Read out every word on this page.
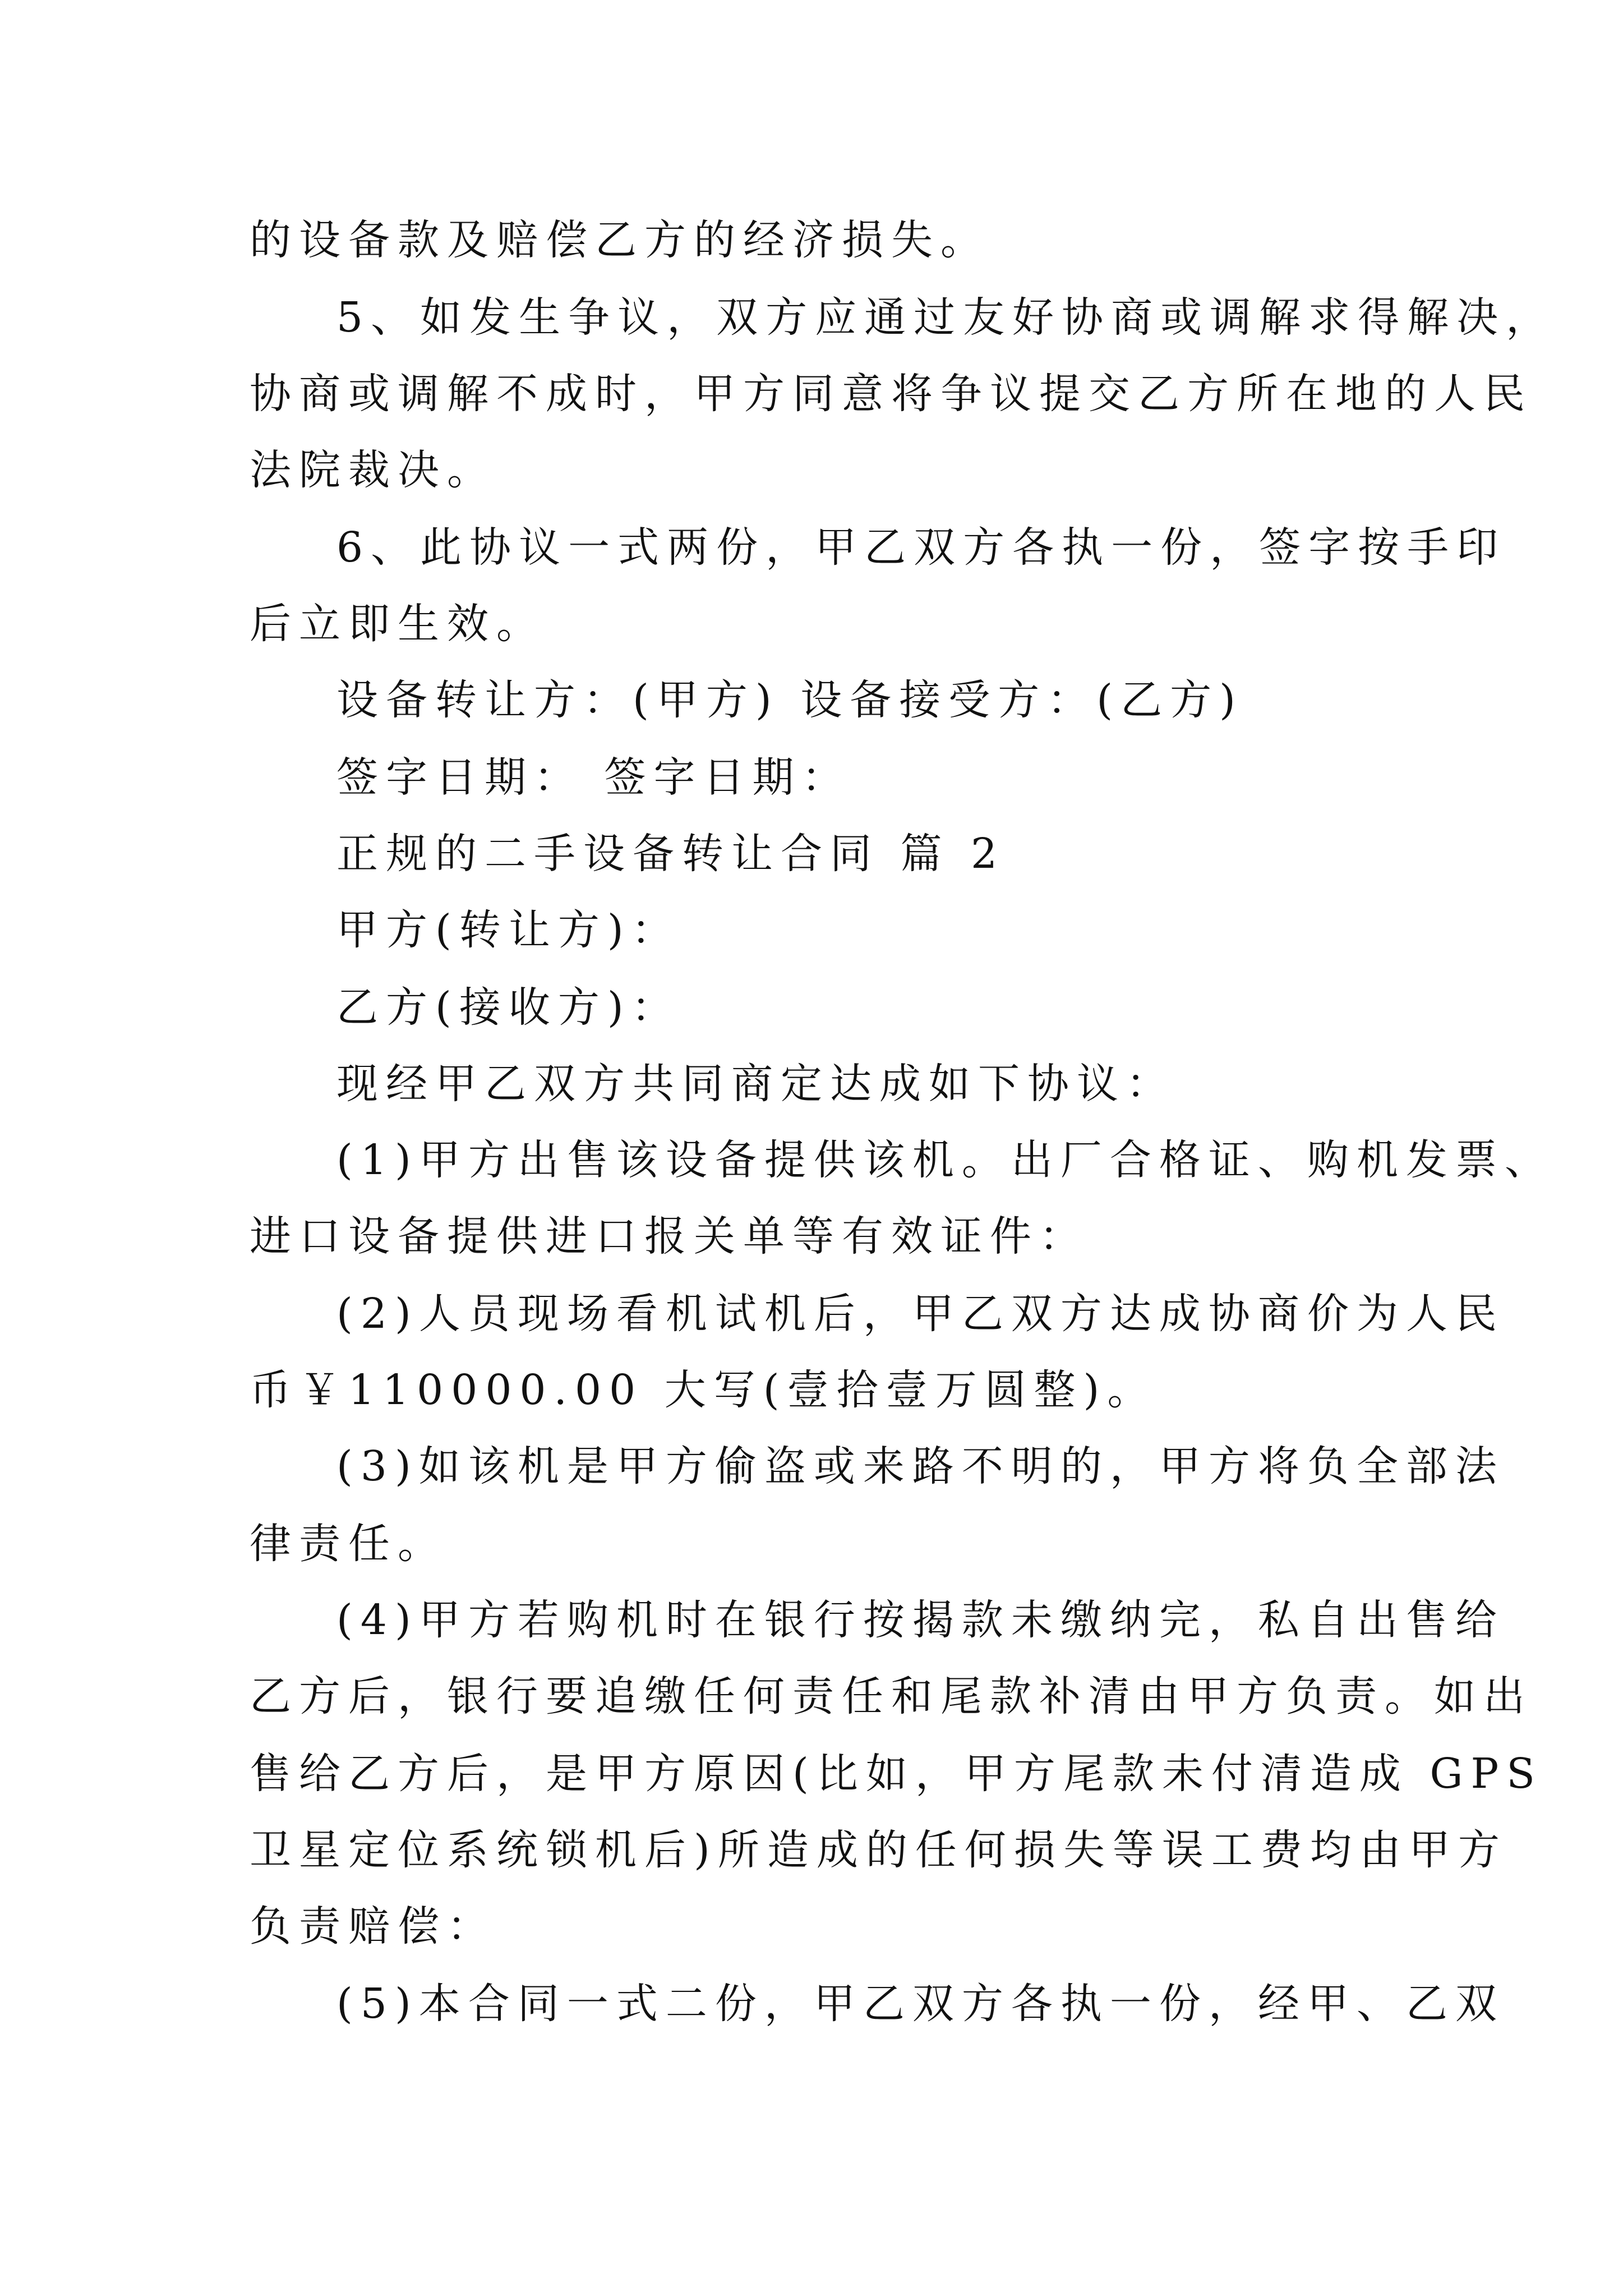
的设备款及赔偿乙方的经济损失。
5、如发生争议，双方应通过友好协商或调解求得解决，
协商或调解不成时，甲方同意将争议提交乙方所在地的人民
法院裁决。
6、此协议一式两份，甲乙双方各执一份，签字按手印
后立即生效。
设备转让方：(甲方) 设备接受方：(乙方)
签字日期： 签字日期：
正规的二手设备转让合同 篇 2
甲方(转让方)：
乙方(接收方)：
现经甲乙双方共同商定达成如下协议：
(1)甲方出售该设备提供该机。出厂合格证、购机发票、
进口设备提供进口报关单等有效证件：
(2)人员现场看机试机后，甲乙双方达成协商价为人民
币￥110000.00 大写(壹拾壹万圆整)。
(3)如该机是甲方偷盗或来路不明的，甲方将负全部法
律责任。
(4)甲方若购机时在银行按揭款未缴纳完，私自出售给
乙方后，银行要追缴任何责任和尾款补清由甲方负责。如出
售给乙方后，是甲方原因(比如，甲方尾款未付清造成 GPS
卫星定位系统锁机后)所造成的任何损失等误工费均由甲方
负责赔偿：
(5)本合同一式二份，甲乙双方各执一份，经甲、乙双
